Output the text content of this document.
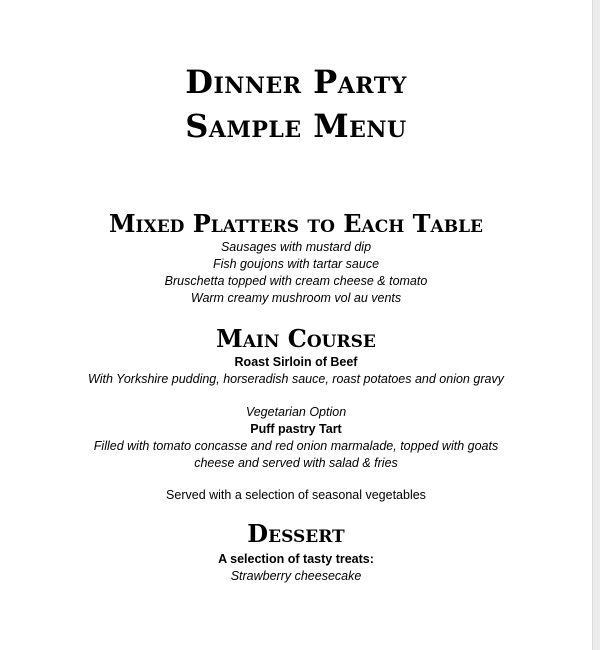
Dinner Party
Sample Menu
Mixed Platters to Each Table
Sausages with mustard dip
Fish goujons with tartar sauce
Bruschetta topped with cream cheese & tomato
Warm creamy mushroom vol au vents
Main Course
Roast Sirloin of Beef
With Yorkshire pudding, horseradish sauce, roast potatoes and onion gravy
Vegetarian Option
Puff pastry Tart
Filled with tomato concasse and red onion marmalade, topped with goats
cheese and served with salad & fries
Served with a selection of seasonal vegetables
Dessert
A selection of tasty treats:
Strawberry cheesecake
